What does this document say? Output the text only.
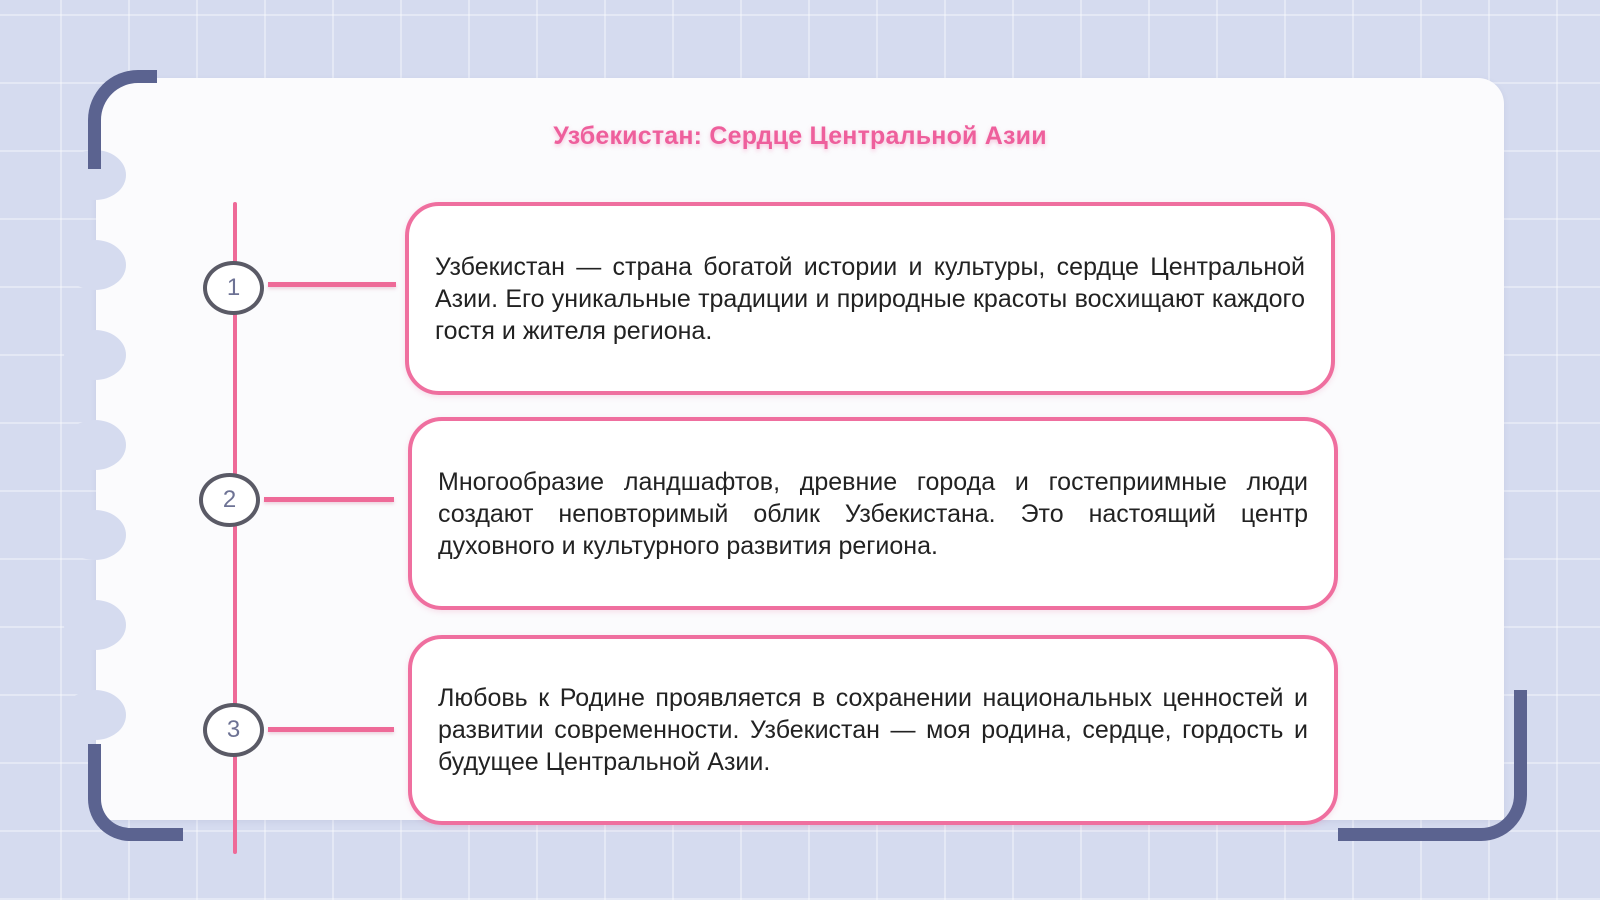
Узбекистан: Сердце Центральной Азии
1
2
3
Узбекистан — страна богатой истории и культуры, сердце Центральной Азии. Его уникальные традиции и природные красоты восхищают каждого гостя и жителя региона.
Многообразие ландшафтов, древние города и гостеприимные люди создают неповторимый облик Узбекистана. Это настоящий центр духовного и культурного развития региона.
Любовь к Родине проявляется в сохранении национальных ценностей и развитии современности. Узбекистан — моя родина, сердце, гордость и будущее Центральной Азии.
